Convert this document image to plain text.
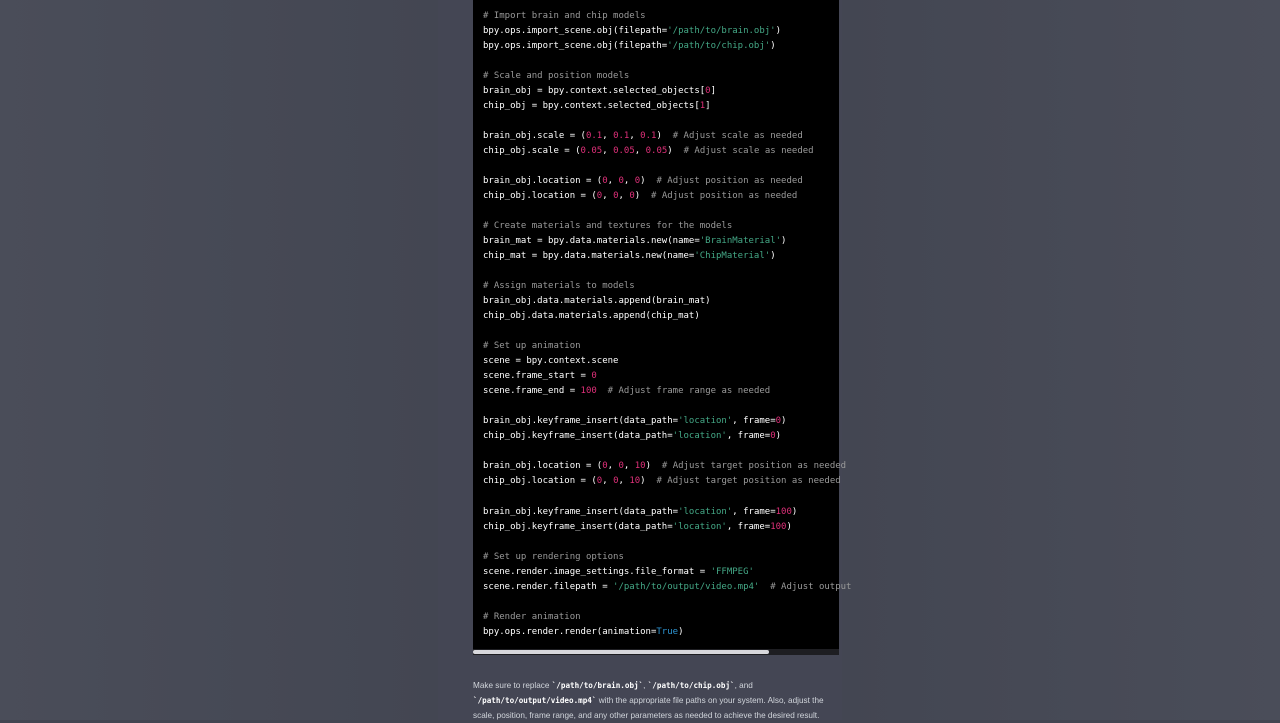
# Import brain and chip models
bpy.ops.import_scene.obj(filepath='/path/to/brain.obj')
bpy.ops.import_scene.obj(filepath='/path/to/chip.obj')

# Scale and position models
brain_obj = bpy.context.selected_objects[0]
chip_obj = bpy.context.selected_objects[1]

brain_obj.scale = (0.1, 0.1, 0.1)  # Adjust scale as needed
chip_obj.scale = (0.05, 0.05, 0.05)  # Adjust scale as needed

brain_obj.location = (0, 0, 0)  # Adjust position as needed
chip_obj.location = (0, 0, 0)  # Adjust position as needed

# Create materials and textures for the models
brain_mat = bpy.data.materials.new(name='BrainMaterial')
chip_mat = bpy.data.materials.new(name='ChipMaterial')

# Assign materials to models
brain_obj.data.materials.append(brain_mat)
chip_obj.data.materials.append(chip_mat)

# Set up animation
scene = bpy.context.scene
scene.frame_start = 0
scene.frame_end = 100 # Adjust frame range as needed

brain_obj.keyframe_insert(data_path='location', frame=0)
chip_obj.keyframe_insert(data_path='location', frame=0)

brain_obj.location = (0, 0, 10)  # Adjust target position as needed
chip_obj.location = (0, 0, 10)  # Adjust target position as needed

brain_obj.keyframe_insert(data_path='location', frame=100)
chip_obj.keyframe_insert(data_path='location', frame=100)

# Set up rendering options
scene.render.image_settings.file_format = 'FFMPEG'
scene.render.filepath = '/path/to/output/video.mp4' # Adjust output

# Render animation
bpy.ops.render.render(animation=True)
Make sure to replace `/path/to/brain.obj`, `/path/to/chip.obj`, and `/path/to/output/video.mp4` with the appropriate file paths on your system. Also, adjust the scale, position, frame range, and any other parameters as needed to achieve the desired result.
